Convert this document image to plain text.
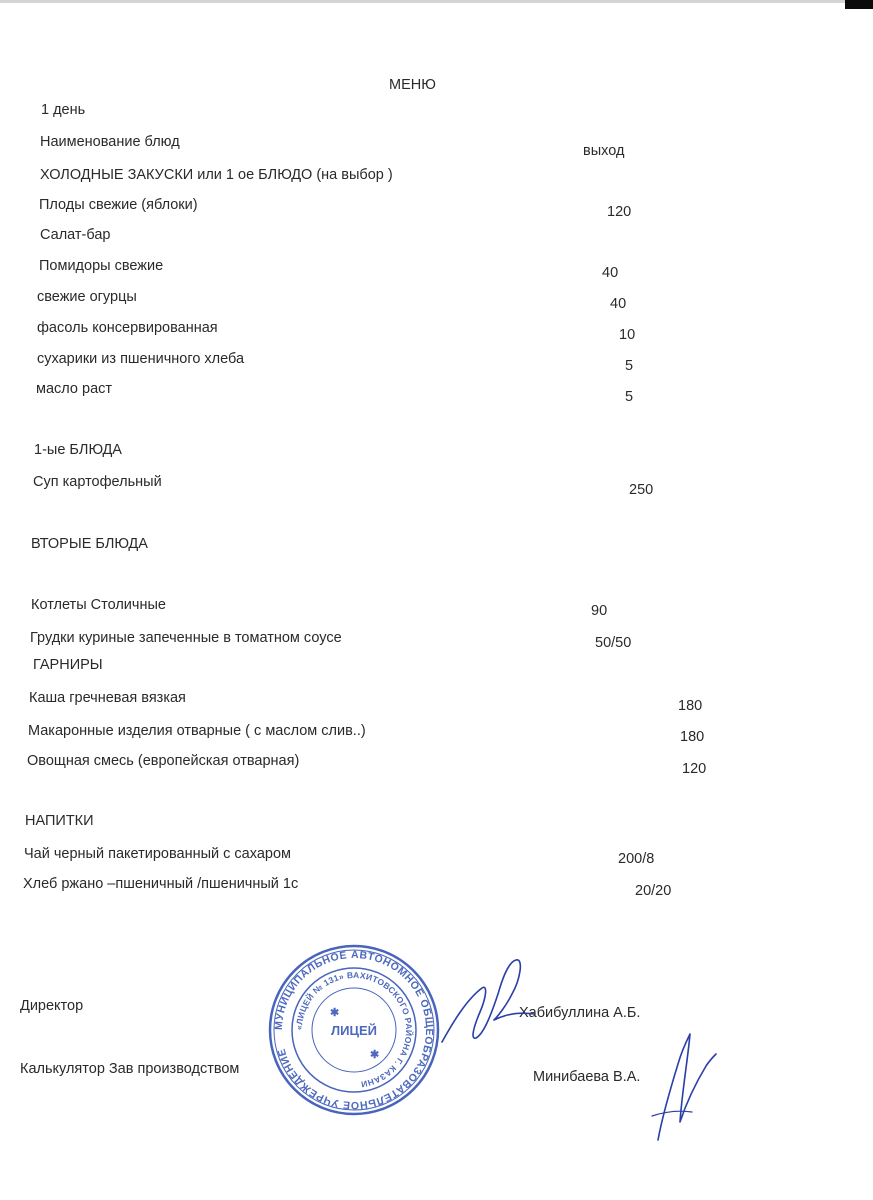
МЕНЮ
1 день
Наименование блюд
выход
ХОЛОДНЫЕ ЗАКУСКИ или 1 ое БЛЮДО (на выбор )
Плоды свежие (яблоки)	120
Салат-бар
Помидоры свежие	40
свежие огурцы	40
фасоль консервированная	10
сухарики из пшеничного хлеба	5
масло раст	5
1-ые БЛЮДА
Суп картофельный	250
ВТОРЫЕ БЛЮДА
Котлеты Столичные	90
Грудки куриные запеченные в томатном соусе	50/50
ГАРНИРЫ
Каша гречневая вязкая	180
Макаронные изделия отварные ( с маслом слив..)	180
Овощная смесь (европейская отварная)	120
НАПИТКИ
Чай черный пакетированный с сахаром	200/8
Хлеб ржано –пшеничный /пшеничный 1с	20/20
Директор	Хабибуллина А.Б.
Калькулятор Зав производством	Минибаева В.А.
МУНИЦИПАЛЬНОЕ АВТОНОМНОЕ ОБЩЕОБРАЗОВАТЕЛЬНОЕ УЧРЕЖДЕНИЕ
«ЛИЦЕЙ № 131» ВАХИТОВСКОГО РАЙОНА Г. КАЗАНИ
ЛИЦЕЙ
✱
✱
